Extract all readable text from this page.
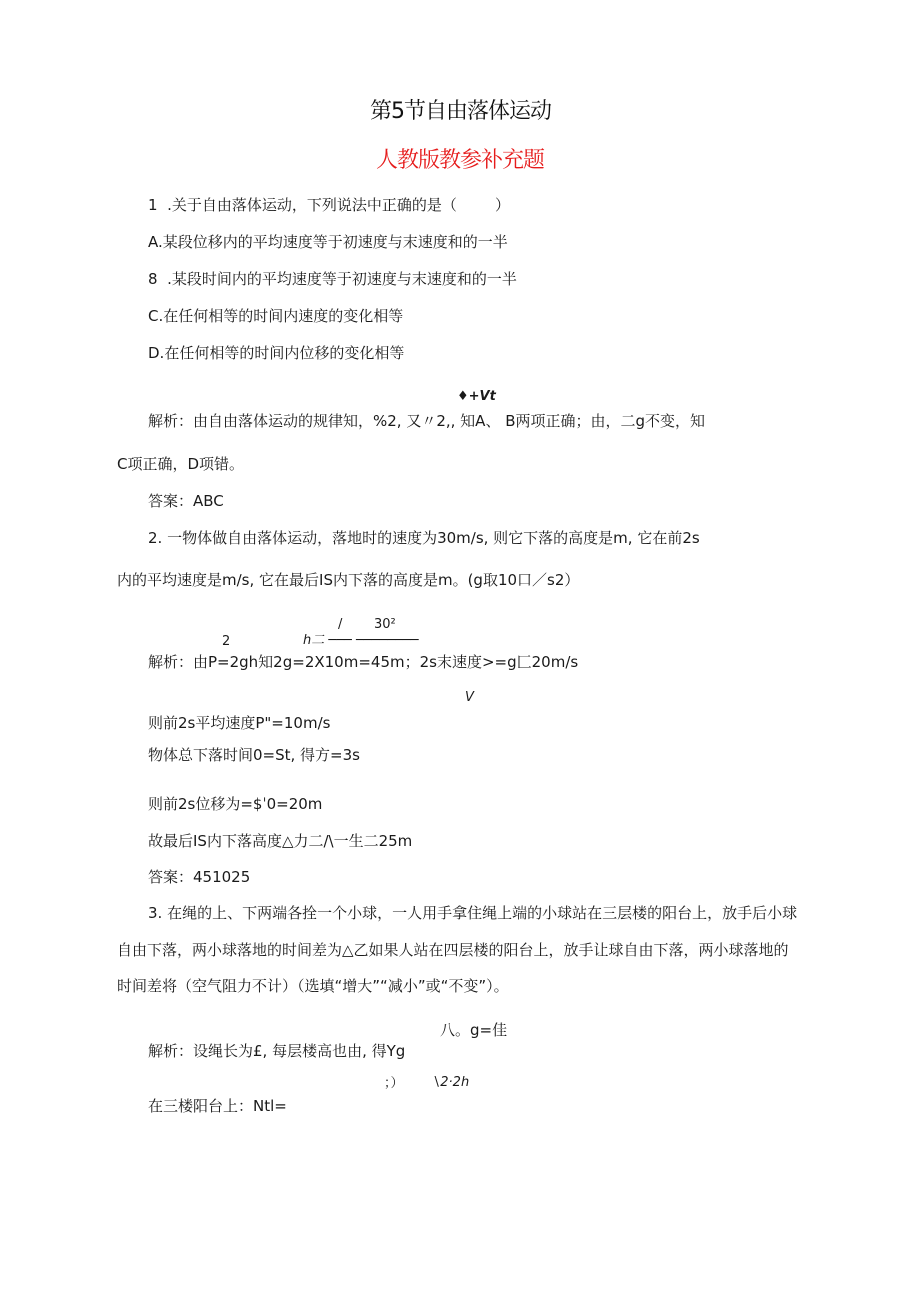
第5节自由落体运动
人教版教参补充题
1  .关于自由落体运动，下列说法中正确的是（        ）
A.某段位移内的平均速度等于初速度与末速度和的一半
8  .某段时间内的平均速度等于初速度与末速度和的一半
C.在任何相等的时间内速度的变化相等
D.在任何相等的时间内位移的变化相等
♦+Vt
解析：由自由落体运动的规律知，%2, 又〃2,, 知A、 B两项正确；由，二g不变，知
C项正确，D项错。
答案：ABC
2. 一物体做自由落体运动，落地时的速度为30m∕s, 则它下落的高度是m, 它在前2s
内的平均速度是m∕s, 它在最后IS内下落的高度是m。(g取10口／s2）
/ 30²
2	h二 ─── ────────
解析：由P=2gh知2g=2X10m=45m；2s末速度>=g匚20m/s
V
则前2s平均速度P"=10m/s
物体总下落时间0=St, 得方=3s
则前2s位移为=$ˈ0=20m
故最后IS内下落高度△力二/\一生二25m
答案：451025
3. 在绳的上、下两端各拴一个小球，一人用手拿住绳上端的小球站在三层楼的阳台上，放手后小球
自由下落，两小球落地的时间差为△乙如果人站在四层楼的阳台上，放手让球自由下落，两小球落地的
时间差将（空气阻力不计）（选填“增大”“减小”或“不变”）。
八。g=佳
解析：设绳长为£, 每层楼高也由, 得Yg
；） ∖2·2h
在三楼阳台上：Ntl=
